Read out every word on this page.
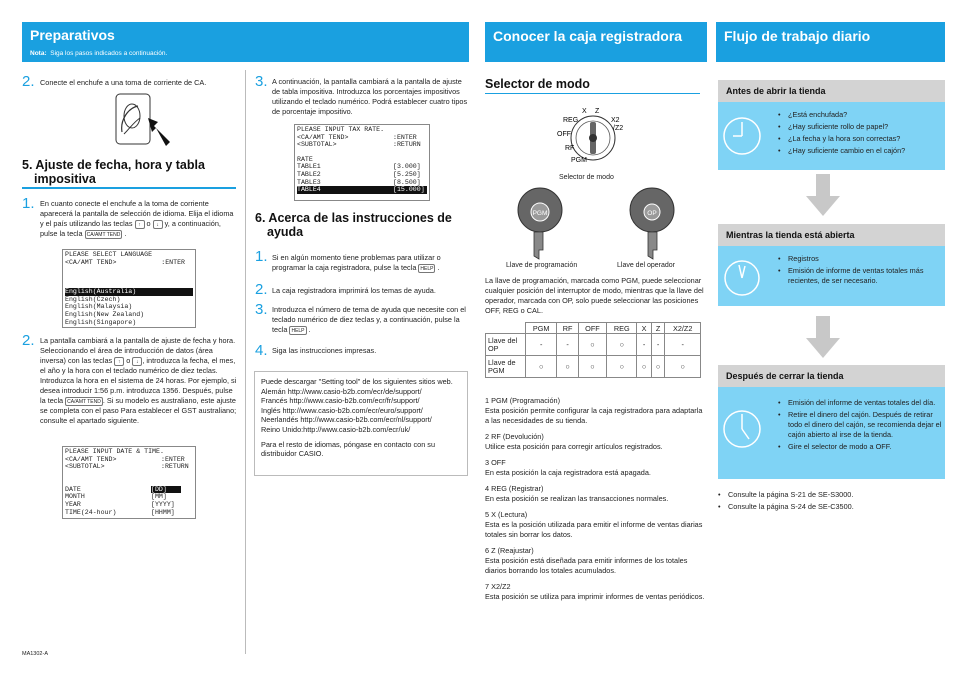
Preparativos
Nota: Siga los pasos indicados a continuación.
2. Conecte el enchufe a una toma de corriente de CA.
5. Ajuste de fecha, hora y tabla
impositiva
1. En cuanto conecte el enchufe a la toma de corriente aparecerá la pantalla de selección de idioma. Elija el idioma y el país utilizando las teclas ↑ o ↓ y, a continuación, pulse la tecla CA/AMT TEND .
PLEASE SELECT LANGUAGE
<CA/AMT TEND>	:ENTER
English(Australia)
English(Czech)
English(Malaysia)
English(New Zealand)
English(Singapore)
2. La pantalla cambiará a la pantalla de ajuste de fecha y hora. Seleccionando el área de introducción de datos (área inversa) con las teclas ↑ o ↓ , introduzca la fecha, el mes, el año y la hora con el teclado numérico de diez teclas. Introduzca la hora en el sistema de 24 horas. Por ejemplo, si desea introducir 1:56 p.m. introduzca 1356. Después, pulse la tecla CA/AMT TEND . Si su modelo es australiano, este ajuste se completa con el paso Para establecer el GST australiano; consulte el apartado siguiente.
PLEASE INPUT DATE & TIME.
<CA/AMT TEND>	:ENTER
<SUBTOTAL>	:RETURN
DATE	[DD]
MONTH	[MM]
YEAR	[YYYY]
TIME(24-hour)	[HHMM]
MA1302-A
3. A continuación, la pantalla cambiará a la pantalla de ajuste de tabla impositiva. Introduzca los porcentajes impositivos utilizando el teclado numérico. Podrá establecer cuatro tipos de porcentaje impositivo.
PLEASE INPUT TAX RATE.
<CA/AMT TEND>	:ENTER
<SUBTOTAL>	:RETURN
RATE
TABLE1	[3.000]
TABLE2	[5.250]
TABLE3	[8.500]
TABLE4	[15.000]
6. Acerca de las instrucciones de
ayuda
1. Si en algún momento tiene problemas para utilizar o programar la caja registradora, pulse la tecla HELP .
2. La caja registradora imprimirá los temas de ayuda.
3. Introduzca el número de tema de ayuda que necesite con el teclado numérico de diez teclas y, a continuación, pulse la tecla HELP .
4. Siga las instrucciones impresas.
Puede descargar "Setting tool" de los siguientes sitios web.
Alemán http://www.casio-b2b.com/ecr/de/support/
Francés http://www.casio-b2b.com/ecr/fr/support/
Inglés http://www.casio-b2b.com/ecr/euro/support/
Neerlandés http://www.casio-b2b.com/ecr/nl/support/
Reino Unido:http://www.casio-b2b.com/ecr/uk/
Para el resto de idiomas, póngase en contacto con su distribuidor CASIO.
Conocer la caja registradora
Selector de modo
X Z
REG	X2
/Z2
OFF
RF
PGM
Selector de modo
PGM	OP
Llave de programación	Llave del operador
La llave de programación, marcada como PGM, puede seleccionar cualquier posición del interruptor de modo, mientras que la llave del operador, marcada con OP, solo puede seleccionar las posiciones OFF, REG o CAL.
	PGM	RF	OFF	REG	X	Z	X2/Z2
Llave del OP	-	-	○	○	-	-	-
Llave de PGM	○	○	○	○	○	○	○
1 PGM (Programación)
Esta posición permite configurar la caja registradora para adaptarla a las necesidades de su tienda.
2 RF (Devolución)
Utilice esta posición para corregir artículos registrados.
3 OFF
En esta posición la caja registradora está apagada.
4 REG (Registrar)
En esta posición se realizan las transacciones normales.
5 X (Lectura)
Esta es la posición utilizada para emitir el informe de ventas diarias totales sin borrar los datos.
6 Z (Reajustar)
Esta posición está diseñada para emitir informes de los totales diarios borrando los totales acumulados.
7 X2/Z2
Esta posición se utiliza para imprimir informes de ventas periódicos.
Flujo de trabajo diario
Antes de abrir la tienda
• ¿Está enchufada?
• ¿Hay suficiente rollo de papel?
• ¿La fecha y la hora son correctas?
• ¿Hay suficiente cambio en el cajón?
Mientras la tienda está abierta
• Registros
• Emisión de informe de ventas totales más recientes, de ser necesario.
Después de cerrar la tienda
• Emisión del informe de ventas totales del día.
• Retire el dinero del cajón. Después de retirar todo el dinero del cajón, se recomienda dejar el cajón abierto al irse de la tienda.
• Gire el selector de modo a OFF.
• Consulte la página S-21 de SE-S3000.
• Consulte la página S-24 de SE-C3500.
